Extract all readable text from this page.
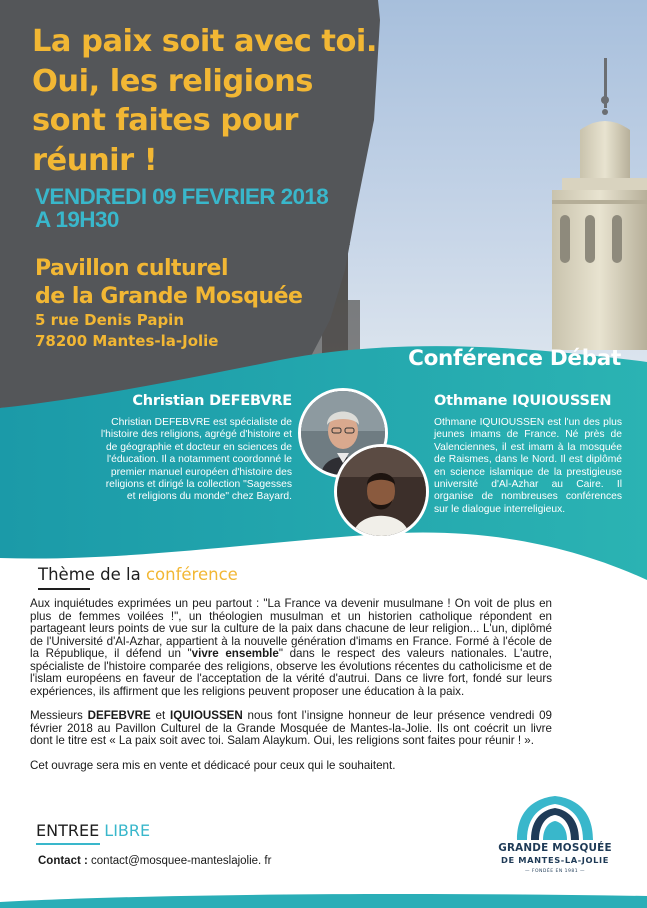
La paix soit avec toi.
Oui, les religions
sont faites pour
réunir !
VENDREDI 09 FEVRIER 2018
A 19H30
Pavillon culturel
de la Grande Mosquée
5 rue Denis Papin
78200 Mantes-la-Jolie
Conférence Débat
Christian DEFEBVRE
Christian DEFEBVRE est spécialiste de l'histoire des religions, agrégé d'histoire et de géographie et docteur en sciences de l'éducation. Il a notamment coordonné le premier manuel européen d'histoire des religions et dirigé la collection "Sagesses et religions du monde" chez Bayard.
Othmane IQUIOUSSEN
Othmane IQUIOUSSEN est l'un des plus jeunes imams de France. Né près de Valenciennes, il est imam à la mosquée de Raismes, dans le Nord. Il est diplômé en science islamique de la prestigieuse université d'Al-Azhar au Caire. Il organise de nombreuses conférences sur le dialogue interreligieux.
Thème de la conférence

Aux inquiétudes exprimées un peu partout : "La France va devenir musulmane ! On voit de plus en plus de femmes voilées !", un théologien musulman et un historien catholique répondent en partageant leurs points de vue sur la culture de la paix dans chacune de leur religion... L'un, diplômé de l'Université d'Al-Azhar, appartient à la nouvelle génération d'imams en France. Formé à l'école de la République, il défend un "vivre ensemble" dans le respect des valeurs nationales. L'autre, spécialiste de l'histoire comparée des religions, observe les évolutions récentes du catholicisme et de l'islam européens en faveur de l'acceptation de la vérité d'autrui. Dans ce livre fort, fondé sur leurs expériences, ils affirment que les religions peuvent proposer une éducation à la paix.

Messieurs DEFEBVRE et IQUIOUSSEN nous font l’insigne honneur de leur présence vendredi 09 février 2018 au Pavillon Culturel de la Grande Mosquée de Mantes-la-Jolie. Ils ont coécrit un livre dont le titre est « La paix soit avec toi. Salam Alaykum. Oui, les religions sont faites pour réunir ! ».

Cet ouvrage sera mis en vente et dédicacé pour ceux qui le souhaitent.

ENTREE LIBRE
Contact : contact@mosquee-manteslajolie. fr
GRANDE MOSQUÉE
DE MANTES-LA-JOLIE
— FONDÉE EN 1981 —
